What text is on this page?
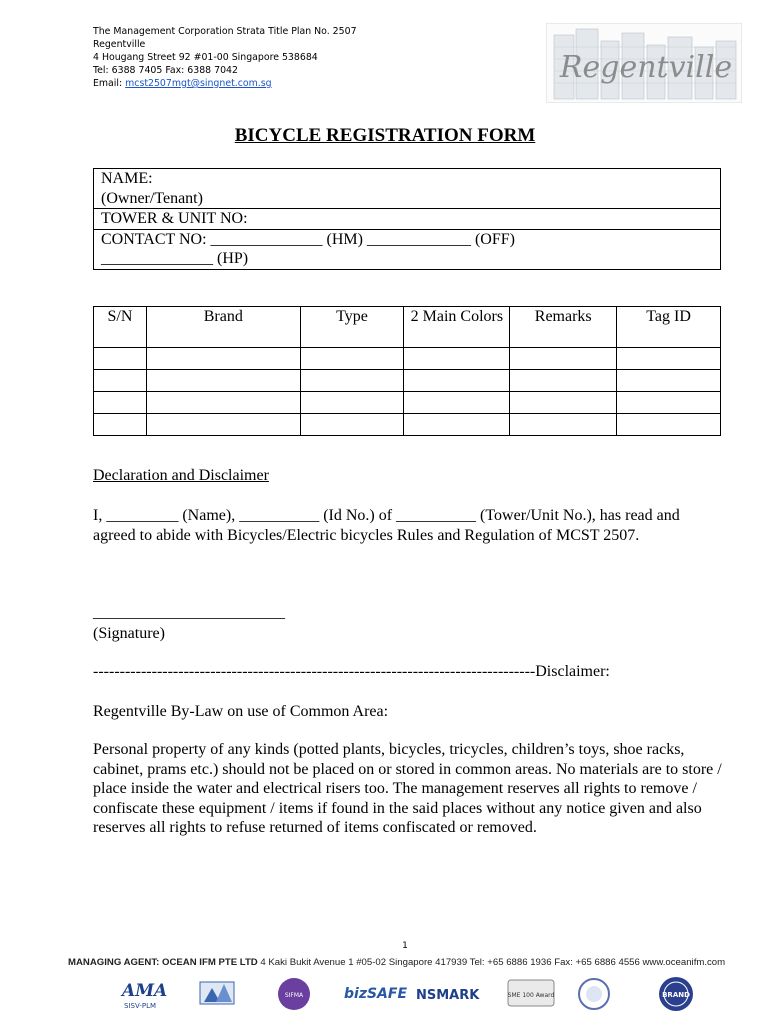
The Management Corporation Strata Title Plan No. 2507
Regentville
4 Hougang Street 92 #01-00 Singapore 538684
Tel: 6388 7405 Fax: 6388 7042
Email: mcst2507mgt@singnet.com.sg	Regentville
BICYCLE REGISTRATION FORM
NAME:
(Owner/Tenant)

TOWER & UNIT NO:

CONTACT NO: ______________ (HM) _____________ (OFF)
______________ (HP)
S/N	Brand	Type	2 Main Colors	Remarks	Tag ID

Declaration and Disclaimer
I, _________ (Name), __________ (Id No.) of __________ (Tower/Unit No.), has read and agreed to abide with Bicycles/Electric bicycles Rules and Regulation of MCST 2507.
________________________
(Signature)
-----------------------------------------------------------------------------------Disclaimer:
Regentville By-Law on use of Common Area:
Personal property of any kinds (potted plants, bicycles, tricycles, children’s toys, shoe racks, cabinet, prams etc.) should not be placed on or stored in common areas. No materials are to store / place inside the water and electrical risers too. The management reserves all rights to remove / confiscate these equipment / items if found in the said places without any notice given and also reserves all rights to refuse returned of items confiscated or removed.
1
MANAGING AGENT: OCEAN IFM PTE LTD 4 Kaki Bukit Avenue 1 #05-02 Singapore 417939 Tel: +65 6886 1936 Fax: +65 6886 4556 www.oceanifm.com
AMA
SISV-PLM
SIFMA	bizSAFE NSMARK	SME 100 Award	BRAND
